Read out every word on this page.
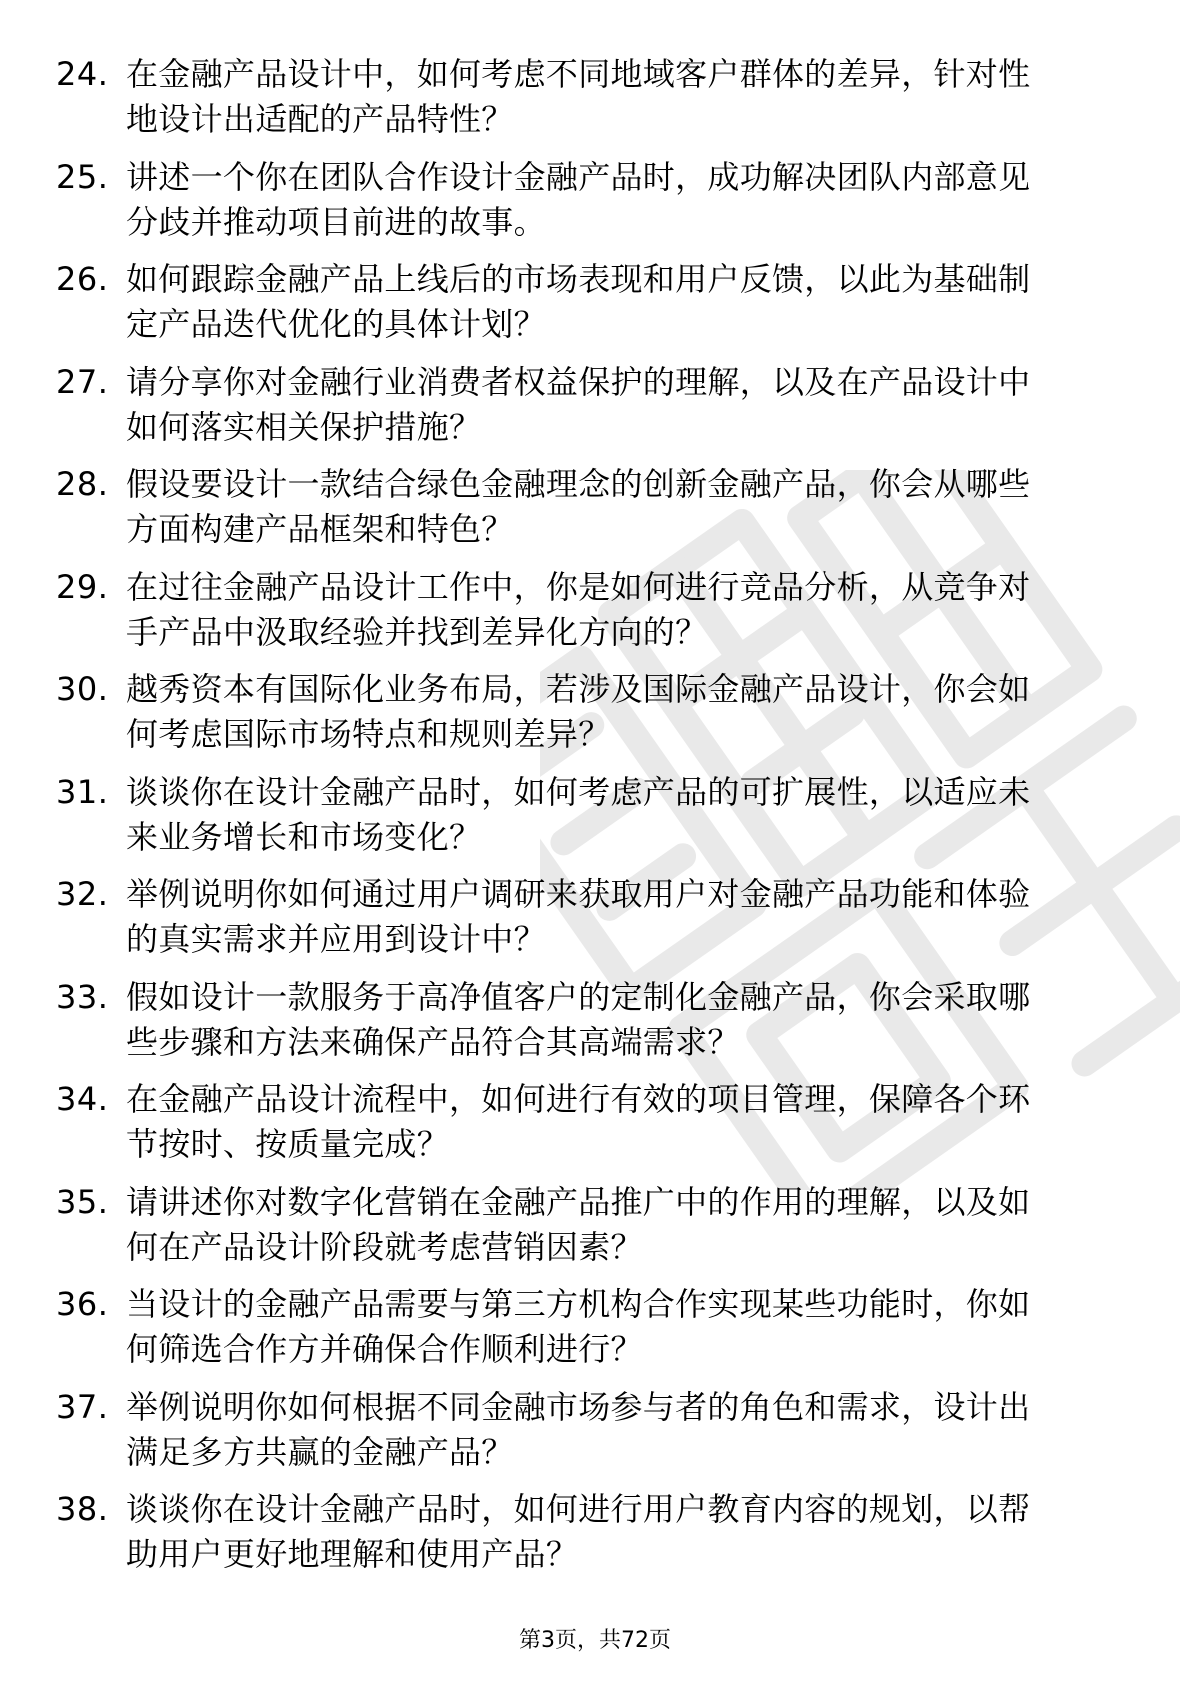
24. 在金融产品设计中，如何考虑不同地域客户群体的差异，针对性
地设计出适配的产品特性？
25. 讲述一个你在团队合作设计金融产品时，成功解决团队内部意见
分歧并推动项目前进的故事。
26. 如何跟踪金融产品上线后的市场表现和用户反馈，以此为基础制
定产品迭代优化的具体计划？
27. 请分享你对金融行业消费者权益保护的理解，以及在产品设计中
如何落实相关保护措施？
28. 假设要设计一款结合绿色金融理念的创新金融产品，你会从哪些
方面构建产品框架和特色？
29. 在过往金融产品设计工作中，你是如何进行竞品分析，从竞争对
手产品中汲取经验并找到差异化方向的？
30. 越秀资本有国际化业务布局，若涉及国际金融产品设计，你会如
何考虑国际市场特点和规则差异？
31. 谈谈你在设计金融产品时，如何考虑产品的可扩展性，以适应未
来业务增长和市场变化？
32. 举例说明你如何通过用户调研来获取用户对金融产品功能和体验
的真实需求并应用到设计中？
33. 假如设计一款服务于高净值客户的定制化金融产品，你会采取哪
些步骤和方法来确保产品符合其高端需求？
34. 在金融产品设计流程中，如何进行有效的项目管理，保障各个环
节按时、按质量完成？
35. 请讲述你对数字化营销在金融产品推广中的作用的理解，以及如
何在产品设计阶段就考虑营销因素？
36. 当设计的金融产品需要与第三方机构合作实现某些功能时，你如
何筛选合作方并确保合作顺利进行？
37. 举例说明你如何根据不同金融市场参与者的角色和需求，设计出
满足多方共赢的金融产品？
38. 谈谈你在设计金融产品时，如何进行用户教育内容的规划，以帮
助用户更好地理解和使用产品？
第3页，共72页
